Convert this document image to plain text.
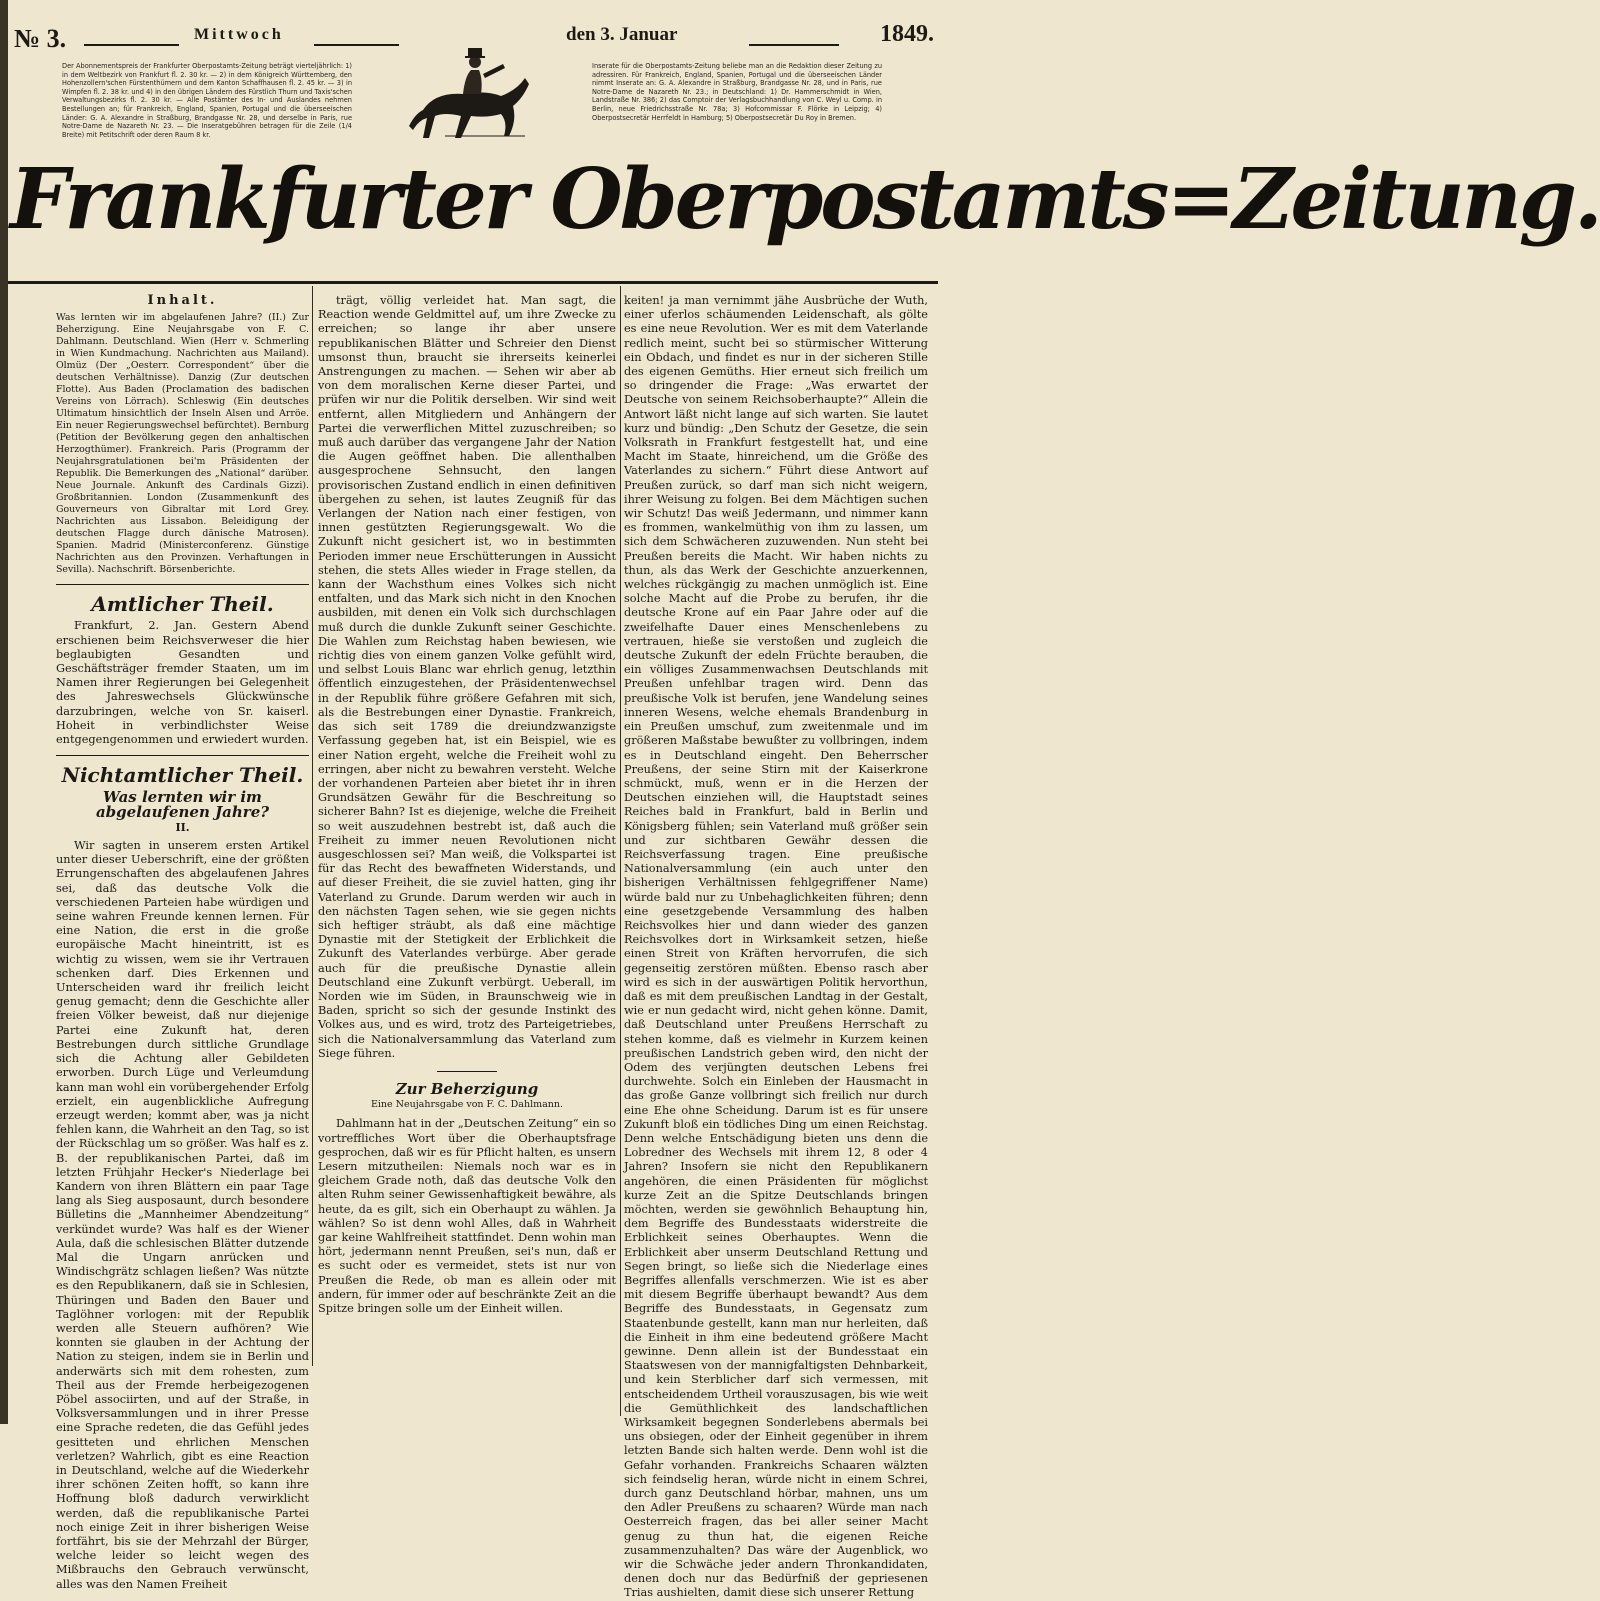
№ 3.	Mittwoch	den 3. Januar	1849.
Der Abonnementspreis der Frankfurter Oberpostamts-Zeitung beträgt vierteljährlich: 1) in dem Weltbezirk von Frankfurt fl. 2. 30 kr. — 2) in dem Königreich Württemberg, den Hohenzollern'schen Fürstenthümern und dem Kanton Schaffhausen fl. 2. 45 kr. — 3) in Wimpfen fl. 2. 38 kr. und 4) in den übrigen Ländern des Fürstlich Thurn und Taxis'schen Verwaltungsbezirks fl. 2. 30 kr. — Alle Postämter des In- und Auslandes nehmen Bestellungen an; für Frankreich, England, Spanien, Portugal und die überseeischen Länder: G. A. Alexandre in Straßburg, Brandgasse Nr. 28, und derselbe in Paris, rue Notre-Dame de Nazareth Nr. 23. — Die Inseratgebühren betragen für die Zeile (1/4 Breite) mit Petitschrift oder deren Raum 8 kr.
Inserate für die Oberpostamts-Zeitung beliebe man an die Redaktion dieser Zeitung zu adressiren. Für Frankreich, England, Spanien, Portugal und die überseeischen Länder nimmt Inserate an: G. A. Alexandre in Straßburg, Brandgasse Nr. 28, und in Paris, rue Notre-Dame de Nazareth Nr. 23.; in Deutschland: 1) Dr. Hammerschmidt in Wien, Landstraße Nr. 386; 2) das Comptoir der Verlagsbuchhandlung von C. Weyl u. Comp. in Berlin, neue Friedrichsstraße Nr. 78a; 3) Hofcommissar F. Flörke in Leipzig; 4) Oberpostsecretär Herrfeldt in Hamburg; 5) Oberpostsecretär Du Roy in Bremen.
Frankfurter Oberpostamts=Zeitung.
Inhalt.
Was lernten wir im abgelaufenen Jahre? (II.) Zur Beherzigung. Eine Neujahrsgabe von F. C. Dahlmann. Deutschland. Wien (Herr v. Schmerling in Wien Kundmachung. Nachrichten aus Mailand). Olmüz (Der „Oesterr. Correspondent“ über die deutschen Verhältnisse). Danzig (Zur deutschen Flotte). Aus Baden (Proclamation des badischen Vereins von Lörrach). Schleswig (Ein deutsches Ultimatum hinsichtlich der Inseln Alsen und Arröe. Ein neuer Regierungswechsel befürchtet). Bernburg (Petition der Bevölkerung gegen den anhaltischen Herzogthümer). Frankreich. Paris (Programm der Neujahrsgratulationen bei'm Präsidenten der Republik. Die Bemerkungen des „National“ darüber. Neue Journale. Ankunft des Cardinals Gizzi). Großbritannien. London (Zusammenkunft des Gouverneurs von Gibraltar mit Lord Grey. Nachrichten aus Lissabon. Beleidigung der deutschen Flagge durch dänische Matrosen). Spanien. Madrid (Ministerconferenz. Günstige Nachrichten aus den Provinzen. Verhaftungen in Sevilla). Nachschrift. Börsenberichte.
Amtlicher Theil.

Frankfurt, 2. Jan. Gestern Abend erschienen beim Reichsverweser die hier beglaubigten Gesandten und Geschäftsträger fremder Staaten, um im Namen ihrer Regierungen bei Gelegenheit des Jahreswechsels Glückwünsche darzubringen, welche von Sr. kaiserl. Hoheit in verbindlichster Weise entgegengenommen und erwiedert wurden.

Nichtamtlicher Theil.
Was lernten wir im abgelaufenen Jahre?
II.

Wir sagten in unserem ersten Artikel unter dieser Ueberschrift, eine der größten Errungenschaften des abgelaufenen Jahres sei, daß das deutsche Volk die verschiedenen Parteien habe würdigen und seine wahren Freunde kennen lernen. Für eine Nation, die erst in die große europäische Macht hineintritt, ist es wichtig zu wissen, wem sie ihr Vertrauen schenken darf. Dies Erkennen und Unterscheiden ward ihr freilich leicht genug gemacht; denn die Geschichte aller freien Völker beweist, daß nur diejenige Partei eine Zukunft hat, deren Bestrebungen durch sittliche Grundlage sich die Achtung aller Gebildeten erworben. Durch Lüge und Verleumdung kann man wohl ein vorübergehender Erfolg erzielt, ein augenblickliche Aufregung erzeugt werden; kommt aber, was ja nicht fehlen kann, die Wahrheit an den Tag, so ist der Rückschlag um so größer. Was half es z. B. der republikanischen Partei, daß im letzten Frühjahr Hecker's Niederlage bei Kandern von ihren Blättern ein paar Tage lang als Sieg ausposaunt, durch besondere Bülletins die „Mannheimer Abendzeitung“ verkündet wurde? Was half es der Wiener Aula, daß die schlesischen Blätter dutzende Mal die Ungarn anrücken und Windischgrätz schlagen ließen? Was nützte es den Republikanern, daß sie in Schlesien, Thüringen und Baden den Bauer und Taglöhner vorlogen: mit der Republik werden alle Steuern aufhören? Wie konnten sie glauben in der Achtung der Nation zu steigen, indem sie in Berlin und anderwärts sich mit dem rohesten, zum Theil aus der Fremde herbeigezogenen Pöbel associirten, und auf der Straße, in Volksversammlungen und in ihrer Presse eine Sprache redeten, die das Gefühl jedes gesitteten und ehrlichen Menschen verletzen? Wahrlich, gibt es eine Reaction in Deutschland, welche auf die Wiederkehr ihrer schönen Zeiten hofft, so kann ihre Hoffnung bloß dadurch verwirklicht werden, daß die republikanische Partei noch einige Zeit in ihrer bisherigen Weise fortfährt, bis sie der Mehrzahl der Bürger, welche leider so leicht wegen des Mißbrauchs den Gebrauch verwünscht, alles was den Namen Freiheit

trägt, völlig verleidet hat. Man sagt, die Reaction wende Geldmittel auf, um ihre Zwecke zu erreichen; so lange ihr aber unsere republikanischen Blätter und Schreier den Dienst umsonst thun, braucht sie ihrerseits keinerlei Anstrengungen zu machen. — Sehen wir aber ab von dem moralischen Kerne dieser Partei, und prüfen wir nur die Politik derselben. Wir sind weit entfernt, allen Mitgliedern und Anhängern der Partei die verwerflichen Mittel zuzuschreiben; so muß auch darüber das vergangene Jahr der Nation die Augen geöffnet haben. Die allenthalben ausgesprochene Sehnsucht, den langen provisorischen Zustand endlich in einen definitiven übergehen zu sehen, ist lautes Zeugniß für das Verlangen der Nation nach einer festigen, von innen gestützten Regierungsgewalt. Wo die Zukunft nicht gesichert ist, wo in bestimmten Perioden immer neue Erschütterungen in Aussicht stehen, die stets Alles wieder in Frage stellen, da kann der Wachsthum eines Volkes sich nicht entfalten, und das Mark sich nicht in den Knochen ausbilden, mit denen ein Volk sich durchschlagen muß durch die dunkle Zukunft seiner Geschichte. Die Wahlen zum Reichstag haben bewiesen, wie richtig dies von einem ganzen Volke gefühlt wird, und selbst Louis Blanc war ehrlich genug, letzthin öffentlich einzugestehen, der Präsidentenwechsel in der Republik führe größere Gefahren mit sich, als die Bestrebungen einer Dynastie. Frankreich, das sich seit 1789 die dreiundzwanzigste Verfassung gegeben hat, ist ein Beispiel, wie es einer Nation ergeht, welche die Freiheit wohl zu erringen, aber nicht zu bewahren versteht. Welche der vorhandenen Parteien aber bietet ihr in ihren Grundsätzen Gewähr für die Beschreitung so sicherer Bahn? Ist es diejenige, welche die Freiheit so weit auszudehnen bestrebt ist, daß auch die Freiheit zu immer neuen Revolutionen nicht ausgeschlossen sei? Man weiß, die Volkspartei ist für das Recht des bewaffneten Widerstands, und auf dieser Freiheit, die sie zuviel hatten, ging ihr Vaterland zu Grunde. Darum werden wir auch in den nächsten Tagen sehen, wie sie gegen nichts sich heftiger sträubt, als daß eine mächtige Dynastie mit der Stetigkeit der Erblichkeit die Zukunft des Vaterlandes verbürge. Aber gerade auch für die preußische Dynastie allein Deutschland eine Zukunft verbürgt. Ueberall, im Norden wie im Süden, in Braunschweig wie in Baden, spricht so sich der gesunde Instinkt des Volkes aus, und es wird, trotz des Parteigetriebes, sich die Nationalversammlung das Vaterland zum Siege führen.

Zur Beherzigung
Eine Neujahrsgabe von F. C. Dahlmann.

Dahlmann hat in der „Deutschen Zeitung“ ein so vortreffliches Wort über die Oberhauptsfrage gesprochen, daß wir es für Pflicht halten, es unsern Lesern mitzutheilen: Niemals noch war es in gleichem Grade noth, daß das deutsche Volk den alten Ruhm seiner Gewissenhaftigkeit bewähre, als heute, da es gilt, sich ein Oberhaupt zu wählen. Ja wählen? So ist denn wohl Alles, daß in Wahrheit gar keine Wahlfreiheit stattfindet. Denn wohin man hört, jedermann nennt Preußen, sei's nun, daß er es sucht oder es vermeidet, stets ist nur von Preußen die Rede, ob man es allein oder mit andern, für immer oder auf beschränkte Zeit an die Spitze bringen solle um der Einheit willen.

keiten! ja man vernimmt jähe Ausbrüche der Wuth, einer uferlos schäumenden Leidenschaft, als gölte es eine neue Revolution. Wer es mit dem Vaterlande redlich meint, sucht bei so stürmischer Witterung ein Obdach, und findet es nur in der sicheren Stille des eigenen Gemüths. Hier erneut sich freilich um so dringender die Frage: „Was erwartet der Deutsche von seinem Reichsoberhaupte?“ Allein die Antwort läßt nicht lange auf sich warten. Sie lautet kurz und bündig: „Den Schutz der Gesetze, die sein Volksrath in Frankfurt festgestellt hat, und eine Macht im Staate, hinreichend, um die Größe des Vaterlandes zu sichern.“ Führt diese Antwort auf Preußen zurück, so darf man sich nicht weigern, ihrer Weisung zu folgen. Bei dem Mächtigen suchen wir Schutz! Das weiß Jedermann, und nimmer kann es frommen, wankelmüthig von ihm zu lassen, um sich dem Schwächeren zuzuwenden. Nun steht bei Preußen bereits die Macht. Wir haben nichts zu thun, als das Werk der Geschichte anzuerkennen, welches rückgängig zu machen unmöglich ist. Eine solche Macht auf die Probe zu berufen, ihr die deutsche Krone auf ein Paar Jahre oder auf die zweifelhafte Dauer eines Menschenlebens zu vertrauen, hieße sie verstoßen und zugleich die deutsche Zukunft der edeln Früchte berauben, die ein völliges Zusammenwachsen Deutschlands mit Preußen unfehlbar tragen wird. Denn das preußische Volk ist berufen, jene Wandelung seines inneren Wesens, welche ehemals Brandenburg in ein Preußen umschuf, zum zweitenmale und im größeren Maßstabe bewußter zu vollbringen, indem es in Deutschland eingeht. Den Beherrscher Preußens, der seine Stirn mit der Kaiserkrone schmückt, muß, wenn er in die Herzen der Deutschen einziehen will, die Hauptstadt seines Reiches bald in Frankfurt, bald in Berlin und Königsberg fühlen; sein Vaterland muß größer sein und zur sichtbaren Gewähr dessen die Reichsverfassung tragen. Eine preußische Nationalversammlung (ein auch unter den bisherigen Verhältnissen fehlgegriffener Name) würde bald nur zu Unbehaglichkeiten führen; denn eine gesetzgebende Versammlung des halben Reichsvolkes hier und dann wieder des ganzen Reichsvolkes dort in Wirksamkeit setzen, hieße einen Streit von Kräften hervorrufen, die sich gegenseitig zerstören müßten. Ebenso rasch aber wird es sich in der auswärtigen Politik hervorthun, daß es mit dem preußischen Landtag in der Gestalt, wie er nun gedacht wird, nicht gehen könne. Damit, daß Deutschland unter Preußens Herrschaft zu stehen komme, daß es vielmehr in Kurzem keinen preußischen Landstrich geben wird, den nicht der Odem des verjüngten deutschen Lebens frei durchwehte. Solch ein Einleben der Hausmacht in das große Ganze vollbringt sich freilich nur durch eine Ehe ohne Scheidung. Darum ist es für unsere Zukunft bloß ein tödliches Ding um einen Reichstag. Denn welche Entschädigung bieten uns denn die Lobredner des Wechsels mit ihrem 12, 8 oder 4 Jahren? Insofern sie nicht den Republikanern angehören, die einen Präsidenten für möglichst kurze Zeit an die Spitze Deutschlands bringen möchten, werden sie gewöhnlich Behauptung hin, dem Begriffe des Bundesstaats widerstreite die Erblichkeit seines Oberhauptes. Wenn die Erblichkeit aber unserm Deutschland Rettung und Segen bringt, so ließe sich die Niederlage eines Begriffes allenfalls verschmerzen. Wie ist es aber mit diesem Begriffe überhaupt bewandt? Aus dem Begriffe des Bundesstaats, in Gegensatz zum Staatenbunde gestellt, kann man nur herleiten, daß die Einheit in ihm eine bedeutend größere Macht gewinne. Denn allein ist der Bundesstaat ein Staatswesen von der mannigfaltigsten Dehnbarkeit, und kein Sterblicher darf sich vermessen, mit entscheidendem Urtheil vorauszusagen, bis wie weit die Gemüthlichkeit des landschaftlichen Wirksamkeit begegnen Sonderlebens abermals bei uns obsiegen, oder der Einheit gegenüber in ihrem letzten Bande sich halten werde. Denn wohl ist die Gefahr vorhanden. Frankreichs Schaaren wälzten sich feindselig heran, würde nicht in einem Schrei, durch ganz Deutschland hörbar, mahnen, uns um den Adler Preußens zu schaaren? Würde man nach Oesterreich fragen, das bei aller seiner Macht genug zu thun hat, die eigenen Reiche zusammenzuhalten? Das wäre der Augenblick, wo wir die Schwäche jeder andern Thronkandidaten, denen doch nur das Bedürfniß der gepriesenen Trias aushielten, damit diese sich unserer Rettung
